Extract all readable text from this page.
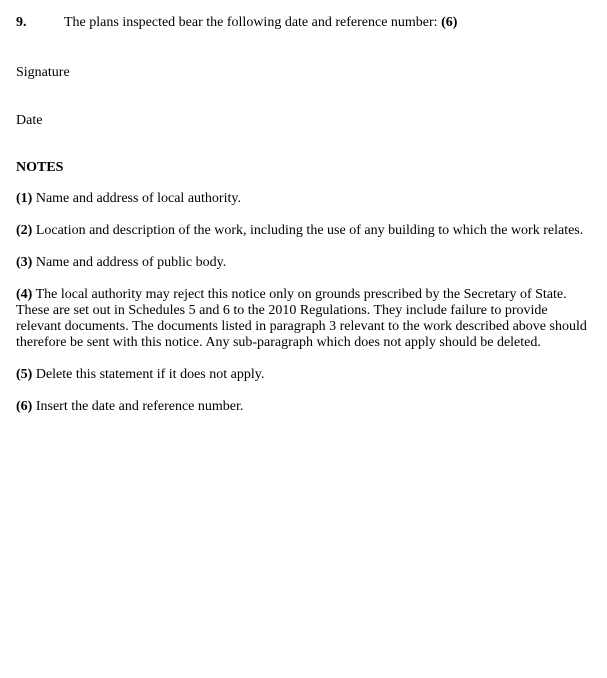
9.	The plans inspected bear the following date and reference number: (6)
Signature
Date
NOTES

(1) Name and address of local authority.

(2) Location and description of the work, including the use of any building to which the work relates.

(3) Name and address of public body.

(4) The local authority may reject this notice only on grounds prescribed by the Secretary of State. These are set out in Schedules 5 and 6 to the 2010 Regulations. They include failure to provide relevant documents. The documents listed in paragraph 3 relevant to the work described above should therefore be sent with this notice. Any sub-paragraph which does not apply should be deleted.

(5) Delete this statement if it does not apply.

(6) Insert the date and reference number.
